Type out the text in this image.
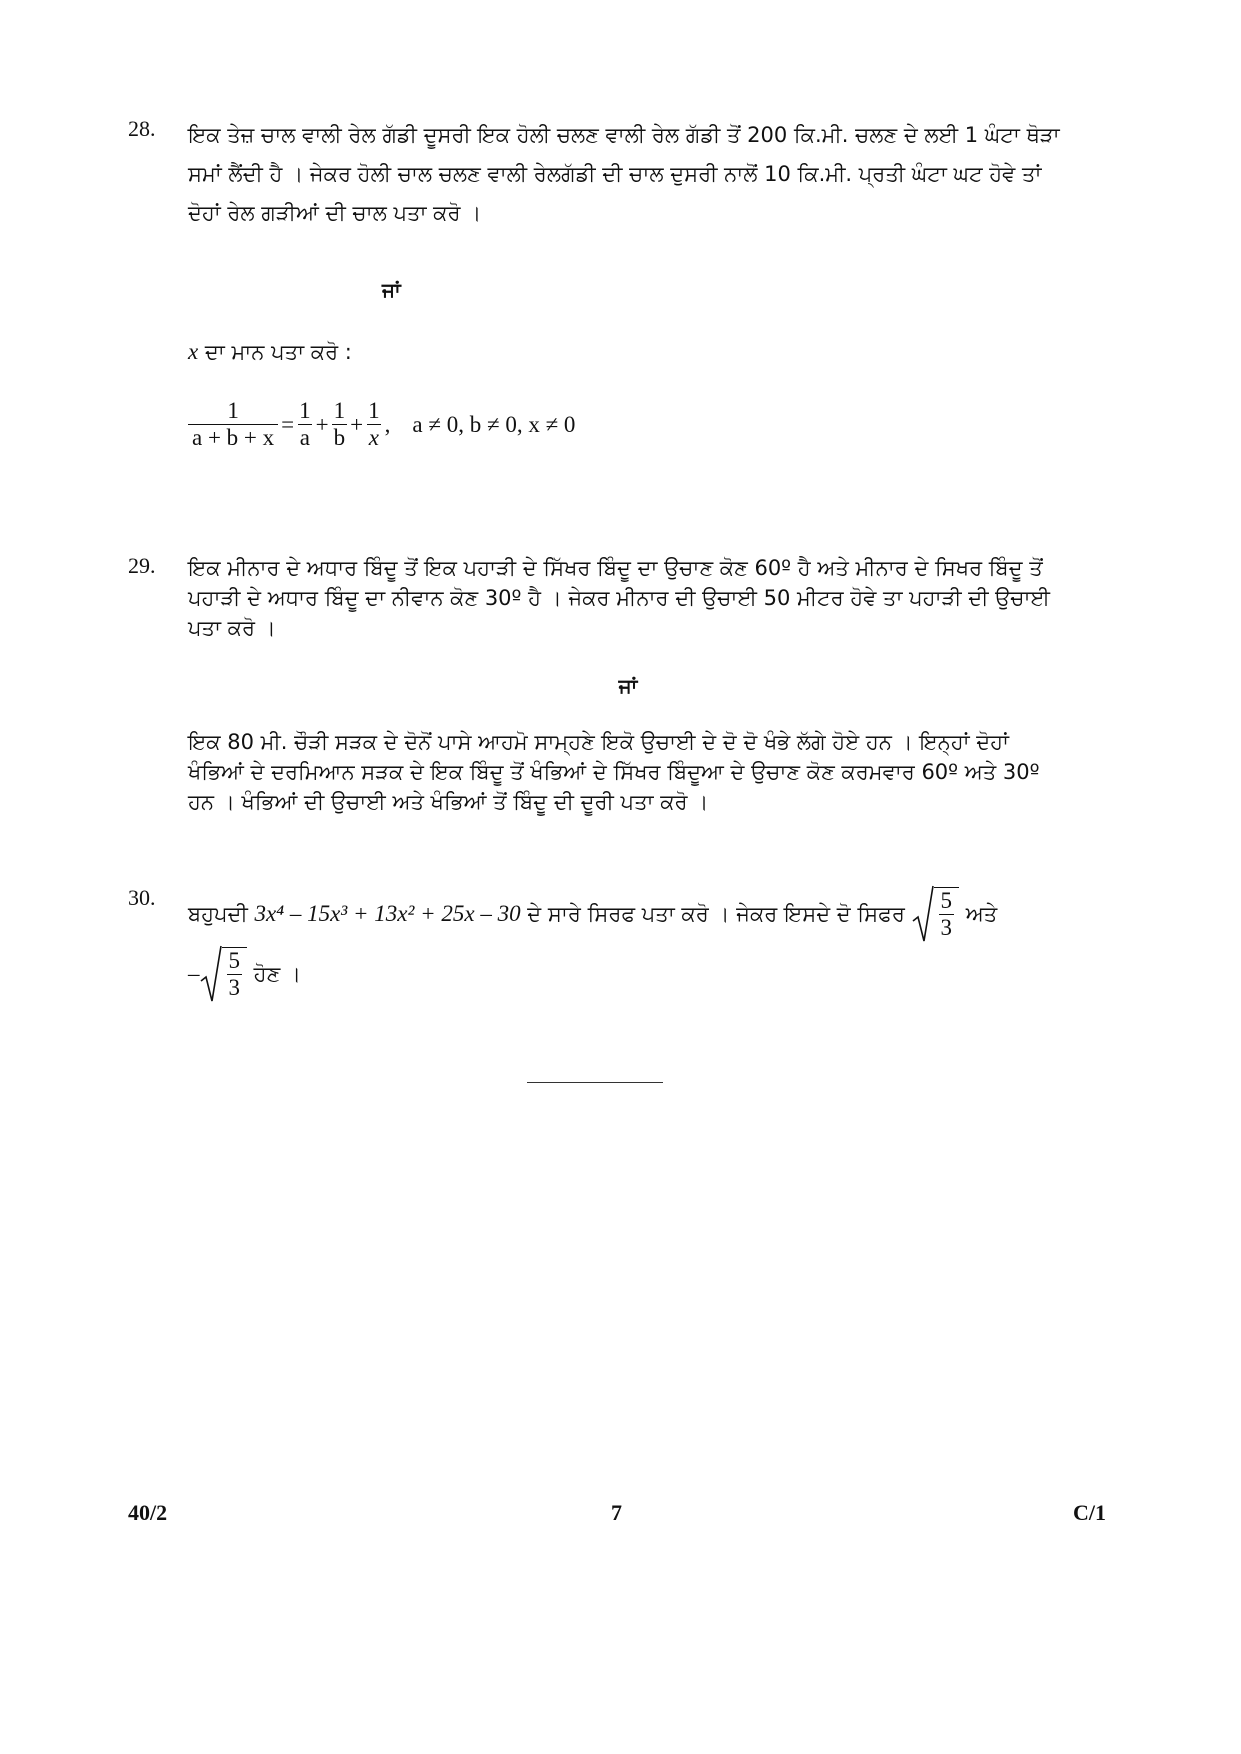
28. ਇਕ ਤੇਜ਼ ਚਾਲ ਵਾਲੀ ਰੇਲ ਗੱਡੀ ਦੂਸਰੀ ਇਕ ਹੋਲੀ ਚਲਣ ਵਾਲੀ ਰੇਲ ਗੱਡੀ ਤੋਂ 200 ਕਿ.ਮੀ. ਚਲਣ ਦੇ ਲਈ 1 ਘੰਟਾ ਥੋੜਾ ਸਮਾਂ ਲੈਂਦੀ ਹੈ । ਜੇਕਰ ਹੋਲੀ ਚਾਲ ਚਲਣ ਵਾਲੀ ਰੇਲਗੱਡੀ ਦੀ ਚਾਲ ਦੁਸਰੀ ਨਾਲੋਂ 10 ਕਿ.ਮੀ. ਪ੍ਰਤੀ ਘੰਟਾ ਘਟ ਹੋਵੇ ਤਾਂ ਦੋਹਾਂ ਰੇਲ ਗੜੀਆਂ ਦੀ ਚਾਲ ਪਤਾ ਕਰੋ ।
ਜਾਂ
x ਦਾ ਮਾਨ ਪਤਾ ਕਰੋ :
$\frac{1}{a + b + x} = \frac{1}{a} + \frac{1}{b} + \frac{1}{x}$ , a ≠ 0, b ≠ 0, x ≠ 0
29. ਇਕ ਮੀਨਾਰ ਦੇ ਅਧਾਰ ਬਿੰਦੂ ਤੋਂ ਇਕ ਪਹਾੜੀ ਦੇ ਸਿੱਖਰ ਬਿੰਦੂ ਦਾ ਉਚਾਣ ਕੋਣ 60º ਹੈ ਅਤੇ ਮੀਨਾਰ ਦੇ ਸਿਖਰ ਬਿੰਦੂ ਤੋਂ ਪਹਾੜੀ ਦੇ ਅਧਾਰ ਬਿੰਦੂ ਦਾ ਨੀਵਾਨ ਕੋਣ 30º ਹੈ । ਜੇਕਰ ਮੀਨਾਰ ਦੀ ਉਚਾਈ 50 ਮੀਟਰ ਹੋਵੇ ਤਾ ਪਹਾੜੀ ਦੀ ਉਚਾਈ ਪਤਾ ਕਰੋ ।
ਜਾਂ
ਇਕ 80 ਮੀ. ਚੌੜੀ ਸੜਕ ਦੇ ਦੋਨੋਂ ਪਾਸੇ ਆਹਮੋ ਸਾਮ੍ਹਣੇ ਇਕੋ ਉਚਾਈ ਦੇ ਦੋ ਦੋ ਖੰਭੇ ਲੱਗੇ ਹੋਏ ਹਨ । ਇਨ੍ਹਾਂ ਦੋਹਾਂ ਖੰਭਿਆਂ ਦੇ ਦਰਮਿਆਨ ਸੜਕ ਦੇ ਇਕ ਬਿੰਦੂ ਤੋਂ ਖੰਭਿਆਂ ਦੇ ਸਿੱਖਰ ਬਿੰਦੂਆ ਦੇ ਉਚਾਣ ਕੋਣ ਕਰਮਵਾਰ 60º ਅਤੇ 30º ਹਨ । ਖੰਭਿਆਂ ਦੀ ਉਚਾਈ ਅਤੇ ਖੰਭਿਆਂ ਤੋਂ ਬਿੰਦੂ ਦੀ ਦੂਰੀ ਪਤਾ ਕਰੋ ।
30.
ਬਹੁਪਦੀ 3x⁴ – 15x³ + 13x² + 25x – 30 ਦੇ ਸਾਰੇ ਸਿਰਫ ਪਤਾ ਕਰੋ । ਜੇਕਰ ਇਸਦੇ ਦੋ ਸਿਫਰ $\frac{5}{3}$ ਅਤੇ
– $\frac{5}{3}$ ਹੋਣ ।
40/2	7	C/1
